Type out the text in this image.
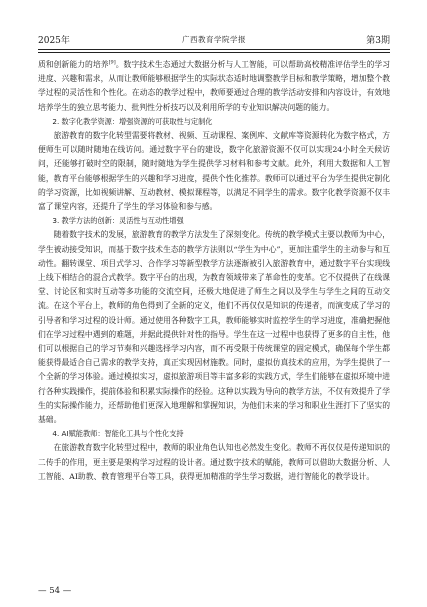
2025年	广西教育学院学报	第3期

质和创新能力的培养[9]。数字技术生态通过大数据分析与人工智能，可以帮助高校精准评估学生的学习进度、兴趣和需求，从而让教师能够根据学生的实际状态适时地调整教学目标和教学策略，增加整个教学过程的灵活性和个性化。在动态的教学过程中，教师要通过合理的教学活动安排和内容设计，有效地培养学生的独立思考能力、批判性分析技巧以及利用所学的专业知识解决问题的能力。

2. 数字化教学资源：增强资源的可获取性与定制化

旅游教育的数字化转型需要将教材、视频、互动课程、案例库、文献库等资源转化为数字格式，方便师生可以随时随地在线访问。通过数字平台的建设，数字化旅游资源不仅可以实现24小时全天候访问，还能够打破时空的限制，随时随地为学生提供学习材料和参考文献。此外，利用大数据和人工智能，教育平台能够根据学生的兴趣和学习进度，提供个性化推荐。教师可以通过平台为学生提供定制化的学习资源，比如视频讲解、互动教材、模拟课程等，以满足不同学生的需求。数字化教学资源不仅丰富了课堂内容，还提升了学生的学习体验和参与感。

3. 教学方法的创新：灵活性与互动性增强

随着数字技术的发展，旅游教育的教学方法发生了深刻变化。传统的教学模式主要以教师为中心，学生被动接受知识，而基于数字技术生态的教学方法则以“学生为中心”，更加注重学生的主动参与和互动性。翻转课堂、项目式学习、合作学习等新型教学方法逐渐被引入旅游教育中，通过数字平台实现线上线下相结合的混合式教学。数字平台的出现，为教育领域带来了革命性的变革。它不仅提供了在线课堂、讨论区和实时互动等多功能的交流空间，还极大地促进了师生之间以及学生与学生之间的互动交流。在这个平台上，教师的角色得到了全新的定义，他们不再仅仅是知识的传递者，而演变成了学习的引导者和学习过程的设计师。通过使用各种数字工具，教师能够实时监控学生的学习进度，准确把握他们在学习过程中遇到的难题，并据此提供针对性的指导。学生在这一过程中也获得了更多的自主性，他们可以根据自己的学习节奏和兴趣选择学习内容，而不再受限于传统课堂的固定模式，确保每个学生都能获得最适合自己需求的教学支持，真正实现因材施教。同时，虚拟仿真技术的应用，为学生提供了一个全新的学习体验。通过模拟实习，虚拟旅游项目等丰富多彩的实践方式，学生们能够在虚拟环境中进行各种实践操作，提前体验和积累实际操作的经验。这种以实践为导向的教学方法，不仅有效提升了学生的实际操作能力，还帮助他们更深入地理解和掌握知识，为他们未来的学习和职业生涯打下了坚实的基础。

4. AI赋能教师：智能化工具与个性化支持

在旅游教育数字化转型过程中，教师的职业角色认知也必然发生变化。教师不再仅仅是传递知识的二传手的作用，更主要是架构学习过程的设计者。通过数字技术的赋能，教师可以借助大数据分析、人工智能、AI助教、教育管理平台等工具，获得更加精准的学生学习数据，进行智能化的教学设计。

— 54 —
